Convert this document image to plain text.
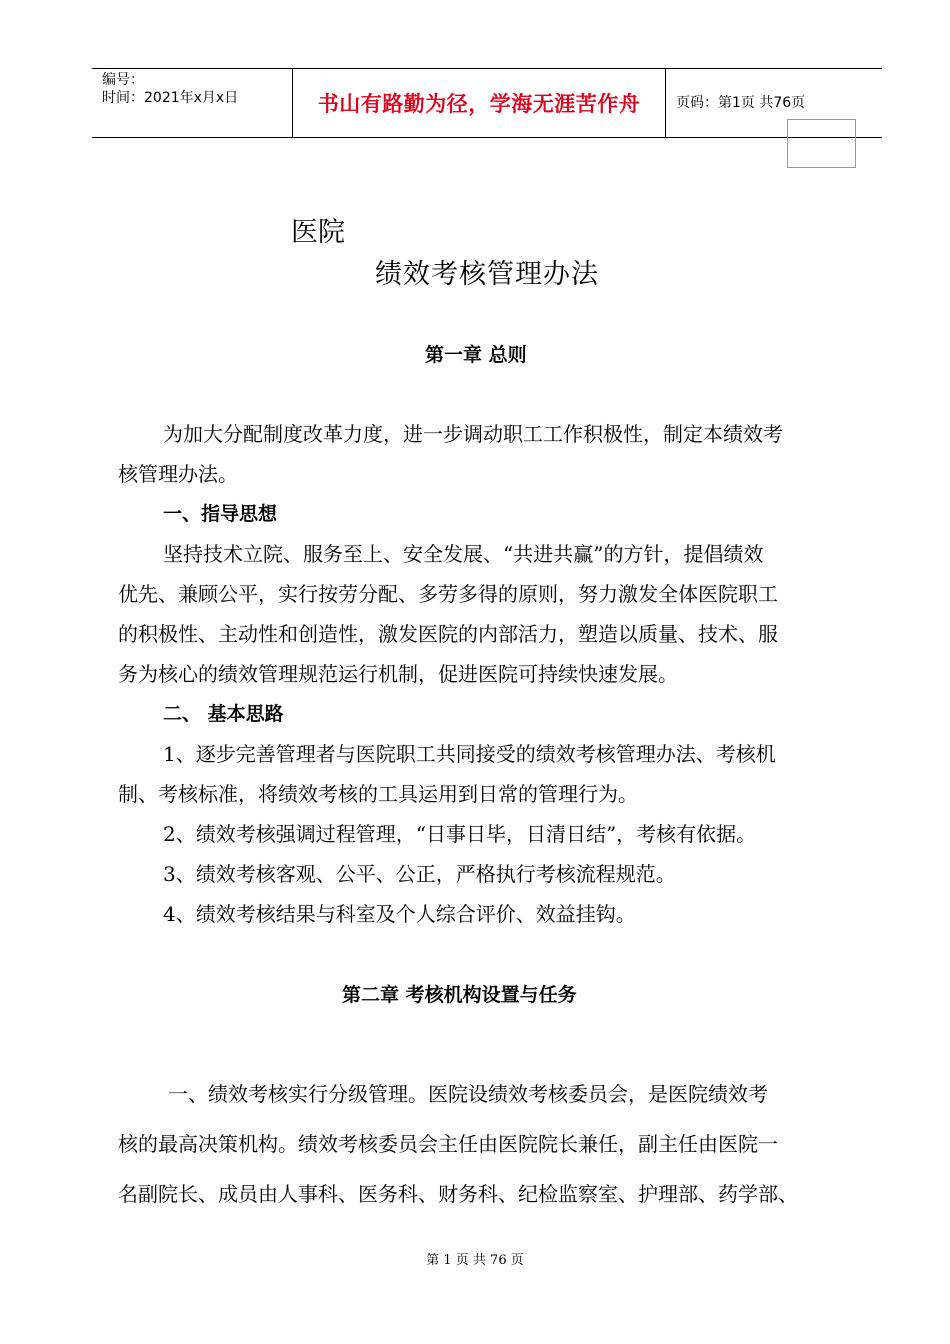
编号：
时间：2021年x月x日	书山有路勤为径，学海无涯苦作舟	页码：第1页 共76页
医院
绩效考核管理办法
第一章 总则
为加大分配制度改革力度，进一步调动职工工作积极性，制定本绩效考
核管理办法。
一、指导思想
坚持技术立院、服务至上、安全发展、“共进共赢”的方针，提倡绩效
优先、兼顾公平，实行按劳分配、多劳多得的原则，努力激发全体医院职工
的积极性、主动性和创造性，激发医院的内部活力，塑造以质量、技术、服
务为核心的绩效管理规范运行机制，促进医院可持续快速发展。
二、 基本思路
1、逐步完善管理者与医院职工共同接受的绩效考核管理办法、考核机
制、考核标准，将绩效考核的工具运用到日常的管理行为。
2、绩效考核强调过程管理，“日事日毕，日清日结”，考核有依据。
3、绩效考核客观、公平、公正，严格执行考核流程规范。
4、绩效考核结果与科室及个人综合评价、效益挂钩。
第二章 考核机构设置与任务
一、绩效考核实行分级管理。医院设绩效考核委员会，是医院绩效考
核的最高决策机构。绩效考核委员会主任由医院院长兼任，副主任由医院一
名副院长、成员由人事科、医务科、财务科、纪检监察室、护理部、药学部、
第 1 页 共 76 页
